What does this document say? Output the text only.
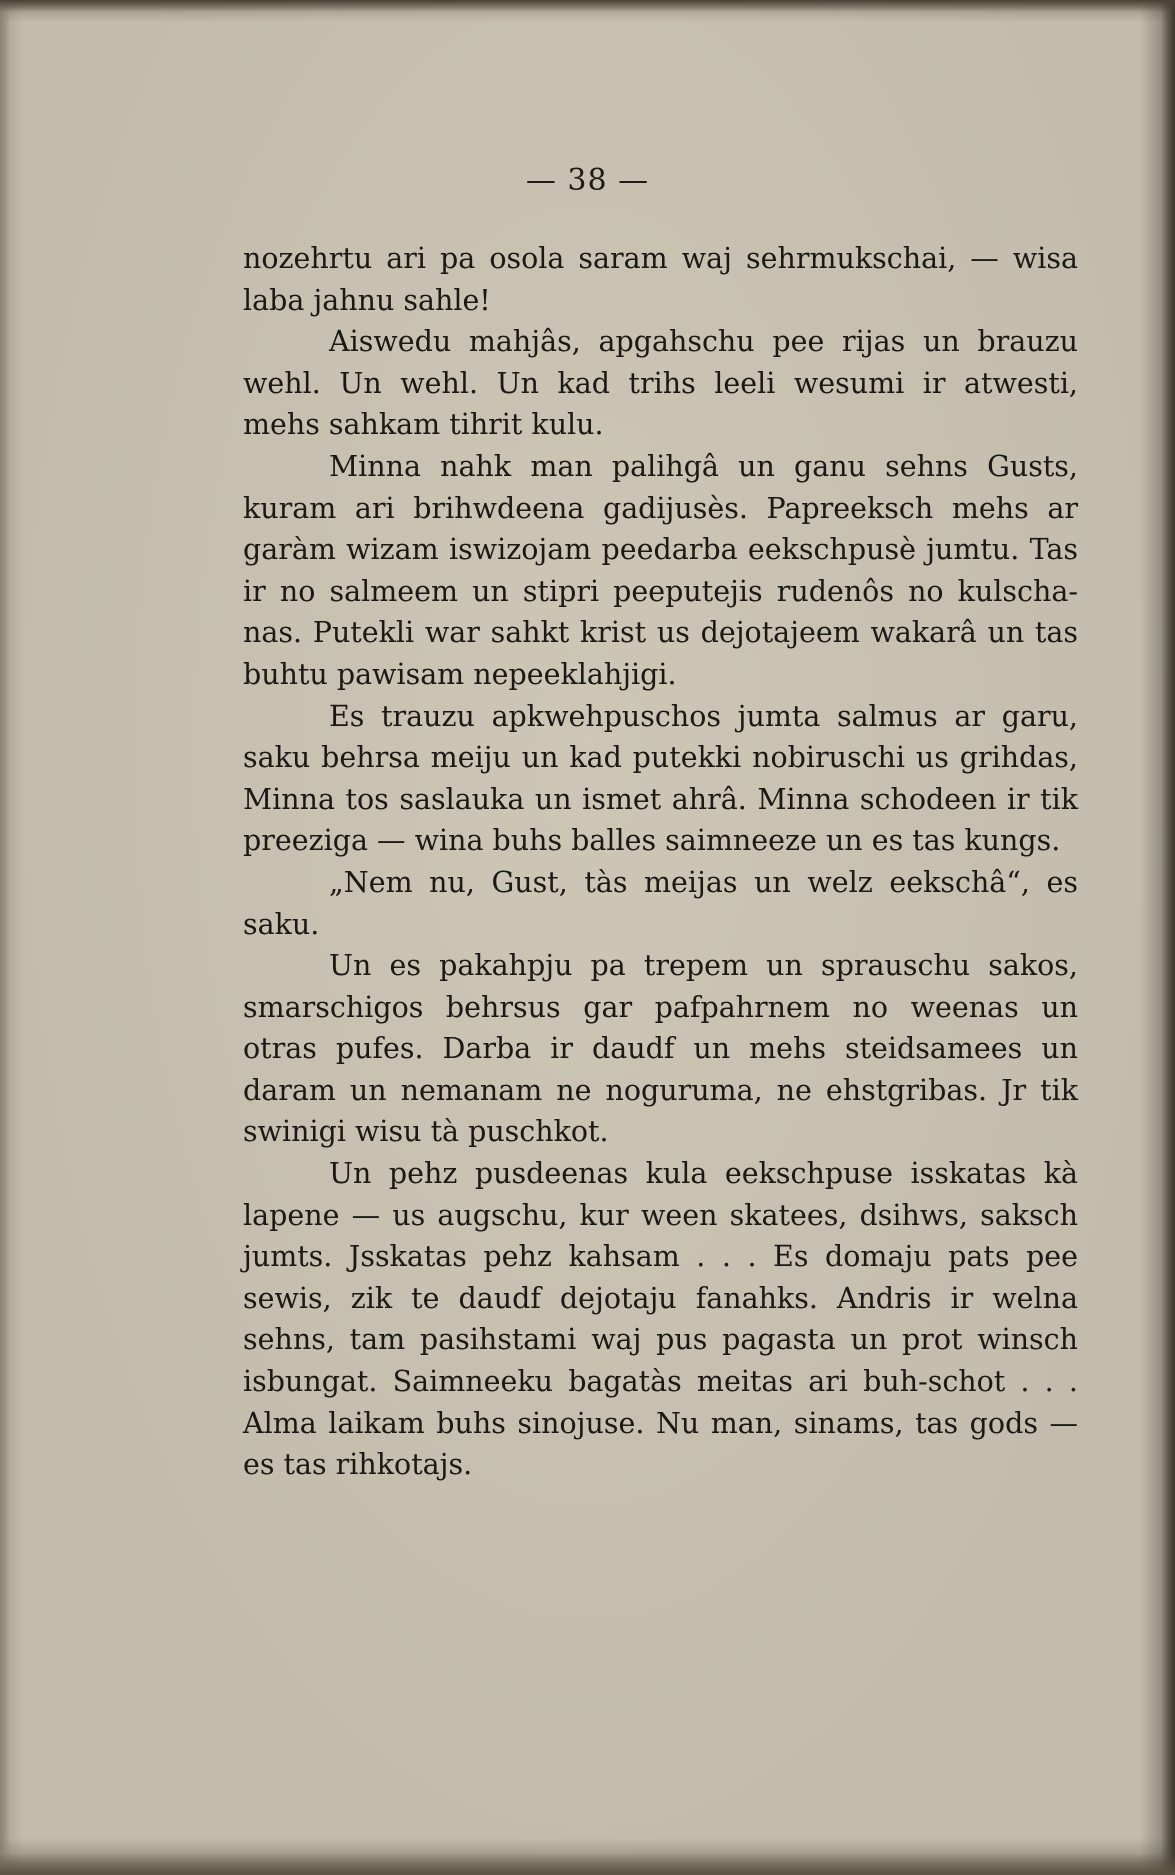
— 38 —

nozehrtu ari pa osola saram waj sehrmukschai, — wisa laba jahnu sahle!

Aiswedu mahjâs, apgahschu pee rijas un brauzu wehl. Un wehl. Un kad trihs leeli wesumi ir atwesti, mehs sahkam tihrit kulu.

Minna nahk man palihgâ un ganu sehns Gusts, kuram ari brihwdeena gadijusès. Papreeksch mehs ar garàm wizam iswizojam peedarba eekschpusè jumtu. Tas ir no salmeem un stipri peeputejis rudenôs no kulscha-nas. Putekli war sahkt krist us dejotajeem wakarâ un tas buhtu pawisam nepeeklahjigi.

Es trauzu apkwehpuschos jumta salmus ar garu, saku behrsa meiju un kad putekki nobiruschi us grihdas, Minna tos saslauka un ismet ahrâ. Minna schodeen ir tik preezigа — wina buhs balles saimneeze un es tas kungs.

„Nem nu, Gust, tàs meijas un welz eekschâ“, es saku.

Un es pakahpju pa trepem un sprauschu sakos, smarschigos behrsus gar pafpahrnem no weenas un otras pufes. Darba ir daudf un mehs steidsamees un daram un nemanam ne noguruma, ne ehstgribas. Jr tik swinigi wisu tà puschkot.

Un pehz pusdeenas kula eekschpuse isskatas kà lapene — us augschu, kur ween skatees, dsihws, saksch jumts. Jsskatas pehz kahsam . . . Es domaju pats pee sewis, zik te daudf dejotaju fanahks. Andris ir welna sehns, tam pasihstami waj pus pagasta un prot winsch isbungat. Saimneeku bagatàs meitas ari buh-schot . . . Alma laikam buhs sinojuse. Nu man, sinams, tas gods — es tas rihkotajs.
